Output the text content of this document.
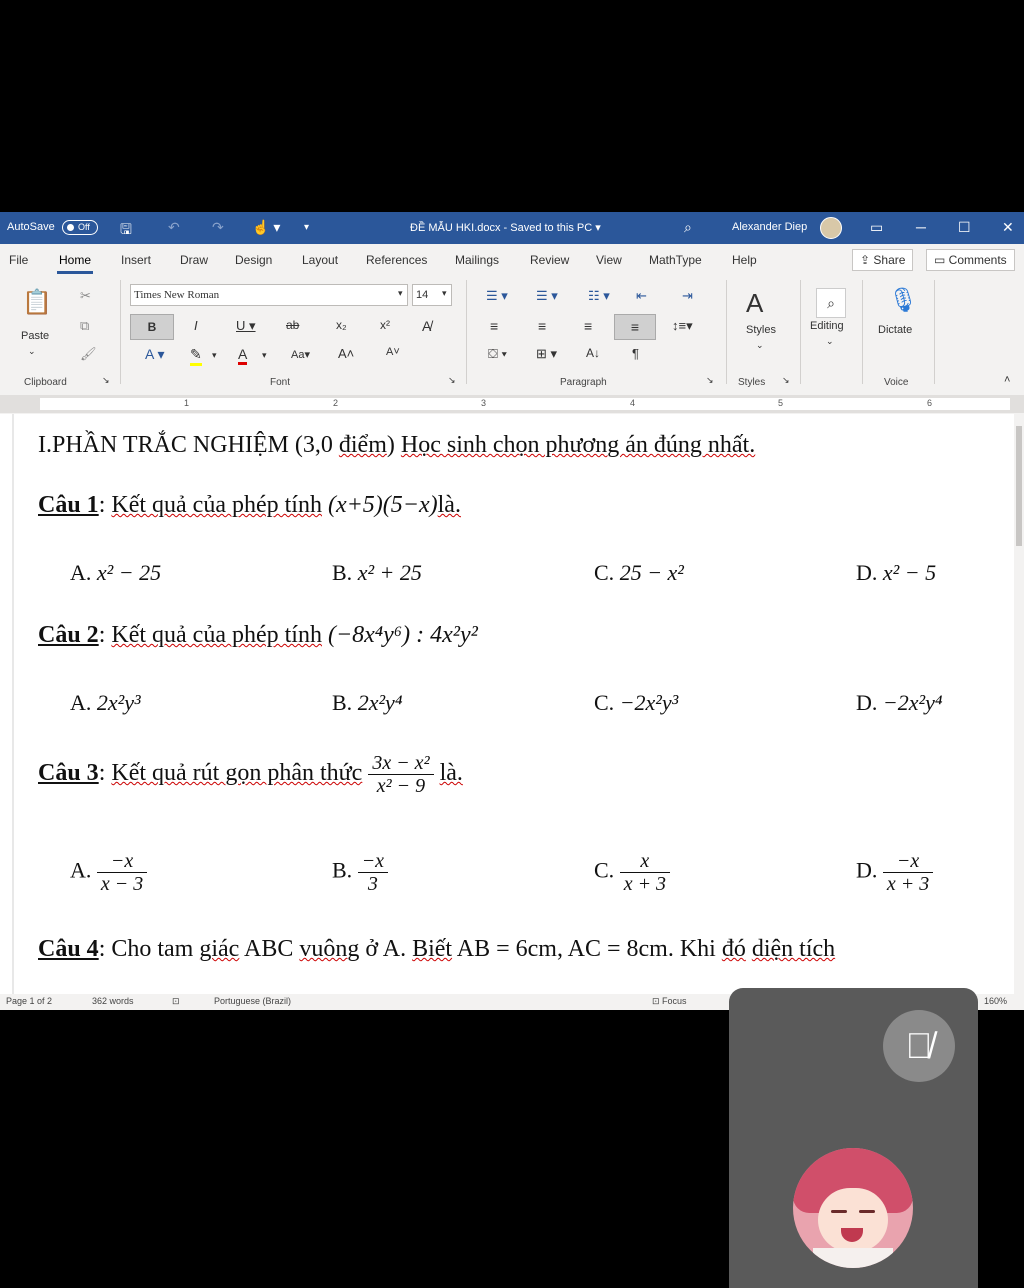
AutoSave	Off	🖫	↶ ↷ ☝ ▾ ▾	ĐỀ MẪU HKI.docx - Saved to this PC ▾	⌕	Alexander Diep	▭ ─ ☐ ✕
File	Home Insert Draw Design Layout References Mailings	Review View MathType	Help	⇪ Share	▭ Comments
📋
Paste
⌄
✂
⧉
🖌
Clipboard	↘
Times New Roman	▾	14	▾
B	I	U ▾	ab	x₂	x² A̸
A ▾ ✎ ▾ A ▾ Aa▾ A˄	A˅
Font	↘
☰ ▾ ☰ ▾ ☷ ▾ ⇤	⇥
≡	≡	≡	≡	↕≡▾
⛋ ▾ ⊞ ▾ A↓ ¶
Paragraph	↘
A
Styles
⌄
Styles ↘
⌕
Editing
⌄
🎙
Dictate
Voice	˄
1	2	3	4	5	6
I.PHẦN TRẮC NGHIỆM (3,0 điểm) Học sinh chọn phương án đúng nhất.
Câu 1: Kết quả của phép tính (x+5)(5−x)là.
A. x² − 25	B. x² + 25	C. 25 − x²	D. x² − 5
Câu 2: Kết quả của phép tính (−8x⁴y⁶) : 4x²y²
A. 2x²y³	B. 2x²y⁴	C. −2x²y³	D. −2x²y⁴
Câu 3: Kết quả rút gọn phân thức $\frac{\text{3x − x²}}{\text{x² − 9}}$ là.
A. $\frac{-x}{x - 3}$	B. $\frac{-x}{3}$	C. $\frac{x}{x + 3}$	D. $\frac{-x}{x + 3}$
Câu 4: Cho tam giác ABC vuông ở A. Biết AB = 6cm, AC = 8cm. Khi đó diện tích
Page 1 of 2	362 words	⊡	Portuguese (Brazil)	⊡ Focus	160%
🎙̸
